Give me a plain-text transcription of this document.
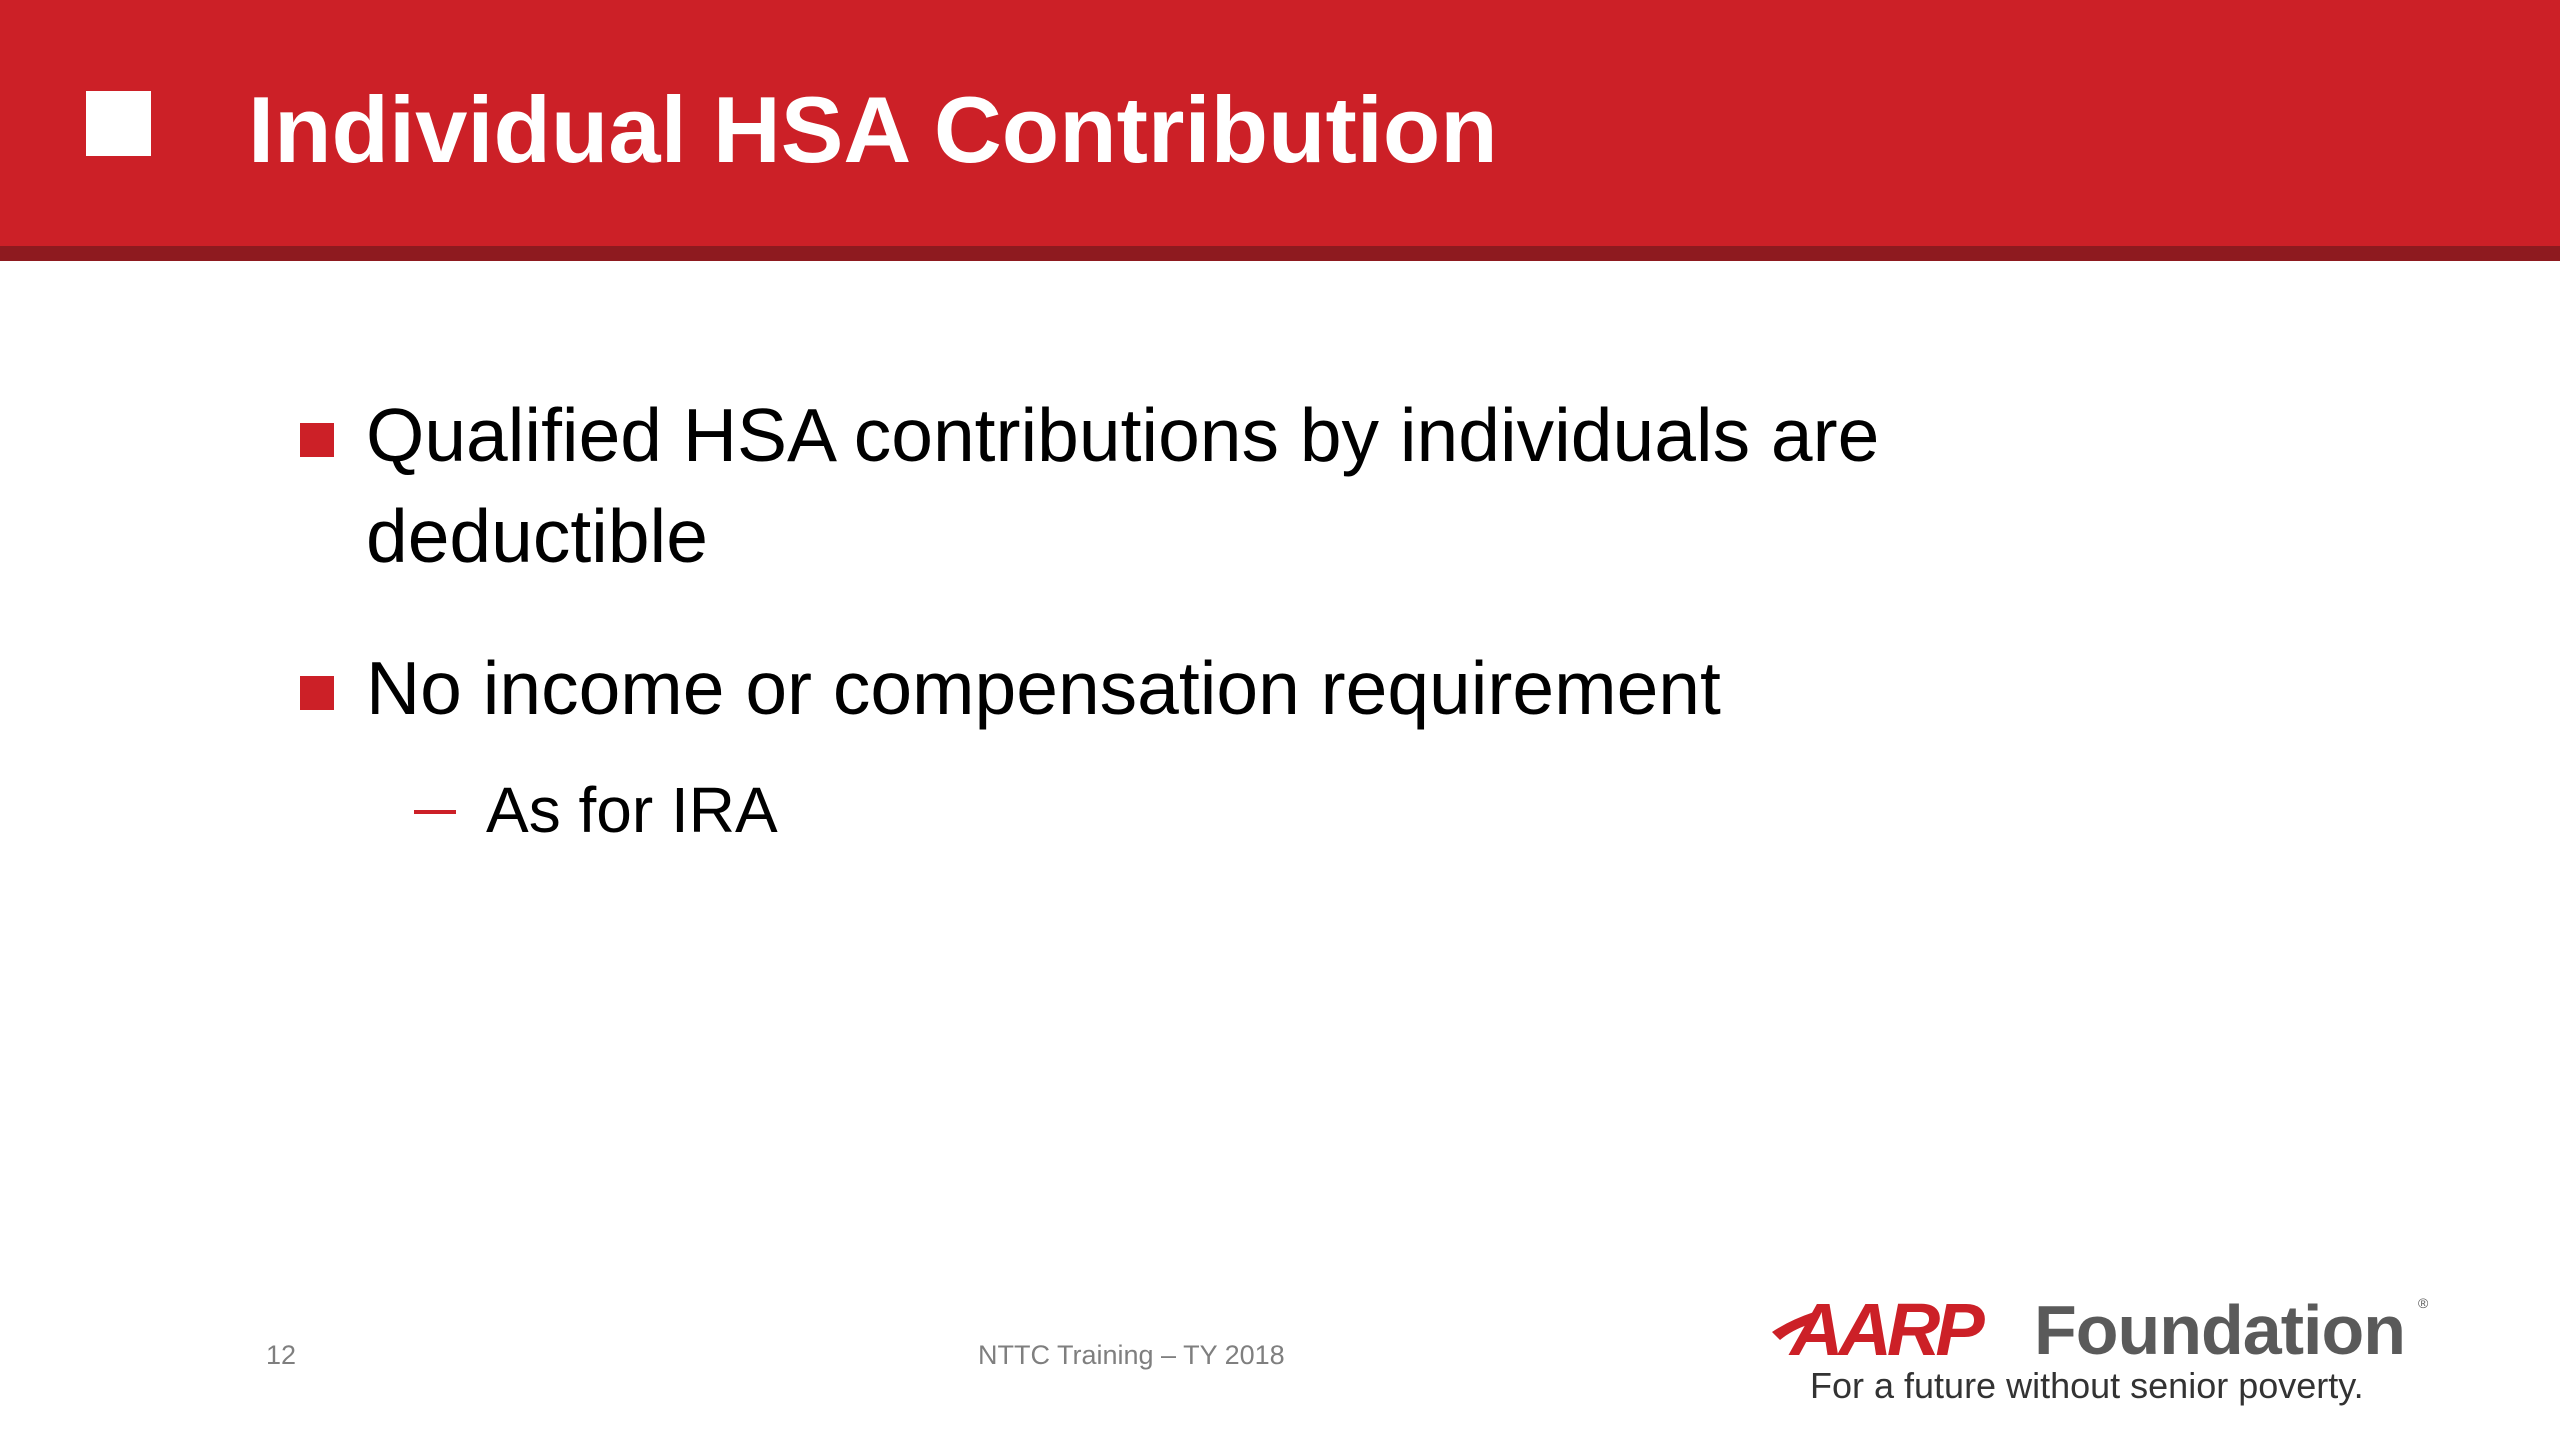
Individual HSA Contribution
Qualified HSA contributions by individuals are deductible
No income or compensation requirement
As for IRA
12	NTTC Training – TY 2018	AARP Foundation ®
For a future without senior poverty.
